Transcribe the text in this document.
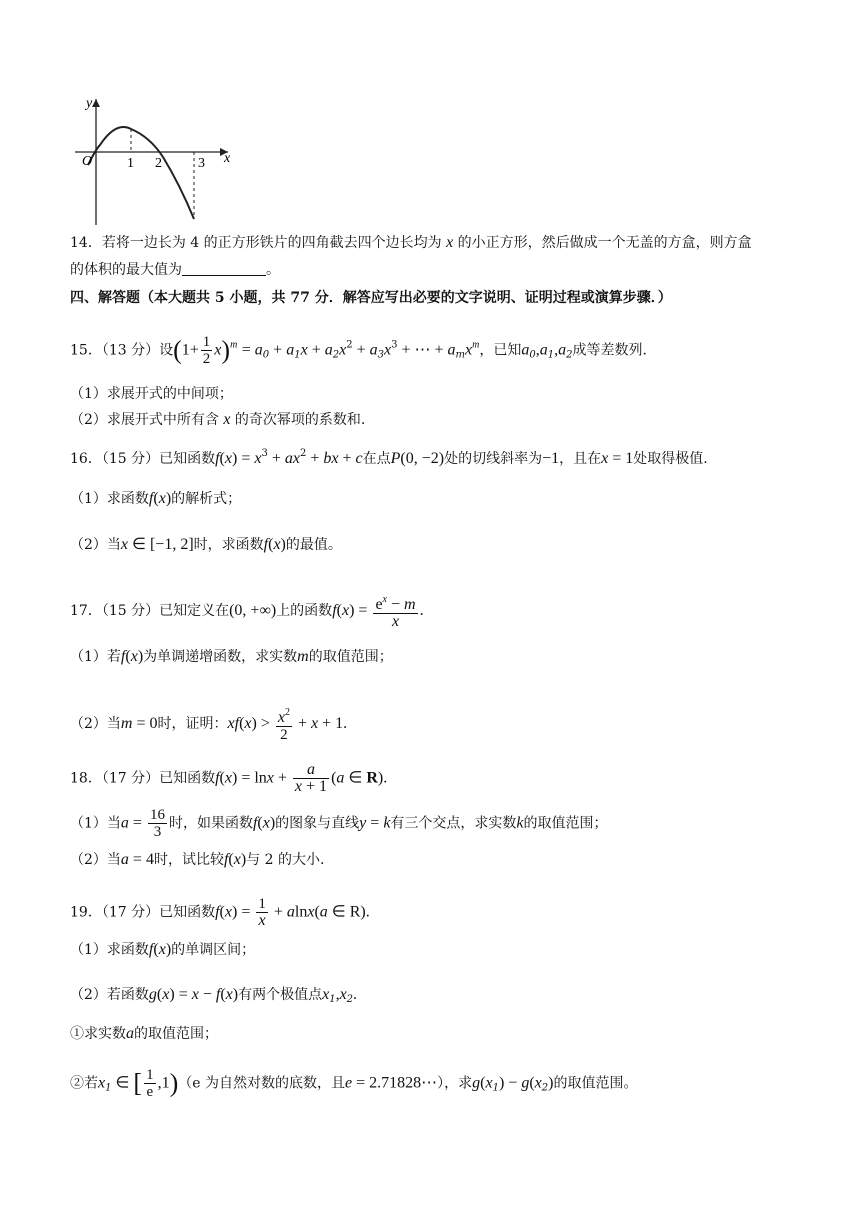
y
x
O 1 2	3
14．若将一边长为 4 的正方形铁片的四角截去四个边长均为 x 的小正方形，然后做成一个无盖的方盒，则方盒
的体积的最大值为	。
四、解答题（本大题共 5 小题，共 77 分．解答应写出必要的文字说明、证明过程或演算步骤．）
15．（13 分）设$(1+ \frac{1}{2} x)^m = a_0 + a_1x + a_2x^2 + a_3x^3$ + ⋯ + $a_mx^m$，已知$a_0,a_1,a_2$成等差数列.
（1）求展开式的中间项；
（2）求展开式中所有含 x 的奇次幂项的系数和.
16．（15 分）已知函数$f(x) = x^3 + ax^2$ + bx + c在点P(0, −2)处的切线斜率为−1，且在x = 1处取得极值.
（1）求函数f(x)的解析式；
（2）当x ∈ [−1, 2]时，求函数f(x)的最值。
17．（15 分）已知定义在(0, +∞)上的函数$f(x) = \frac{e^x - m}{x}$ .
（1）若f(x)为单调递增函数，求实数m的取值范围；
（2）当m = 0时，证明：$xf(x) > \frac{x^2}{2} + x + 1$.
18．（17 分）已知函数$f(x) = \ln x + \frac{a}{x + 1} (a$ ∈ R).
（1）当$a = \frac{16}{3}$ 时，如果函数f(x)的图象与直线y = k有三个交点，求实数k的取值范围；
（2）当a = 4时，试比较f(x)与 2 的大小.
19．（17 分）已知函数$f(x) = \frac{1}{x} + alnx(a$ ∈ R).
（1）求函数f(x)的单调区间；
（2）若函数g(x) = x − f(x)有两个极值点$x_1,x_2$.
①求实数a的取值范围；
②若$x_1$ ∈ [ $\frac{1}{e} ,1)(e$ 为自然对数的底数，且e = 2.71828⋯），求$g(x_1) - g(x_2)$的取值范围。
